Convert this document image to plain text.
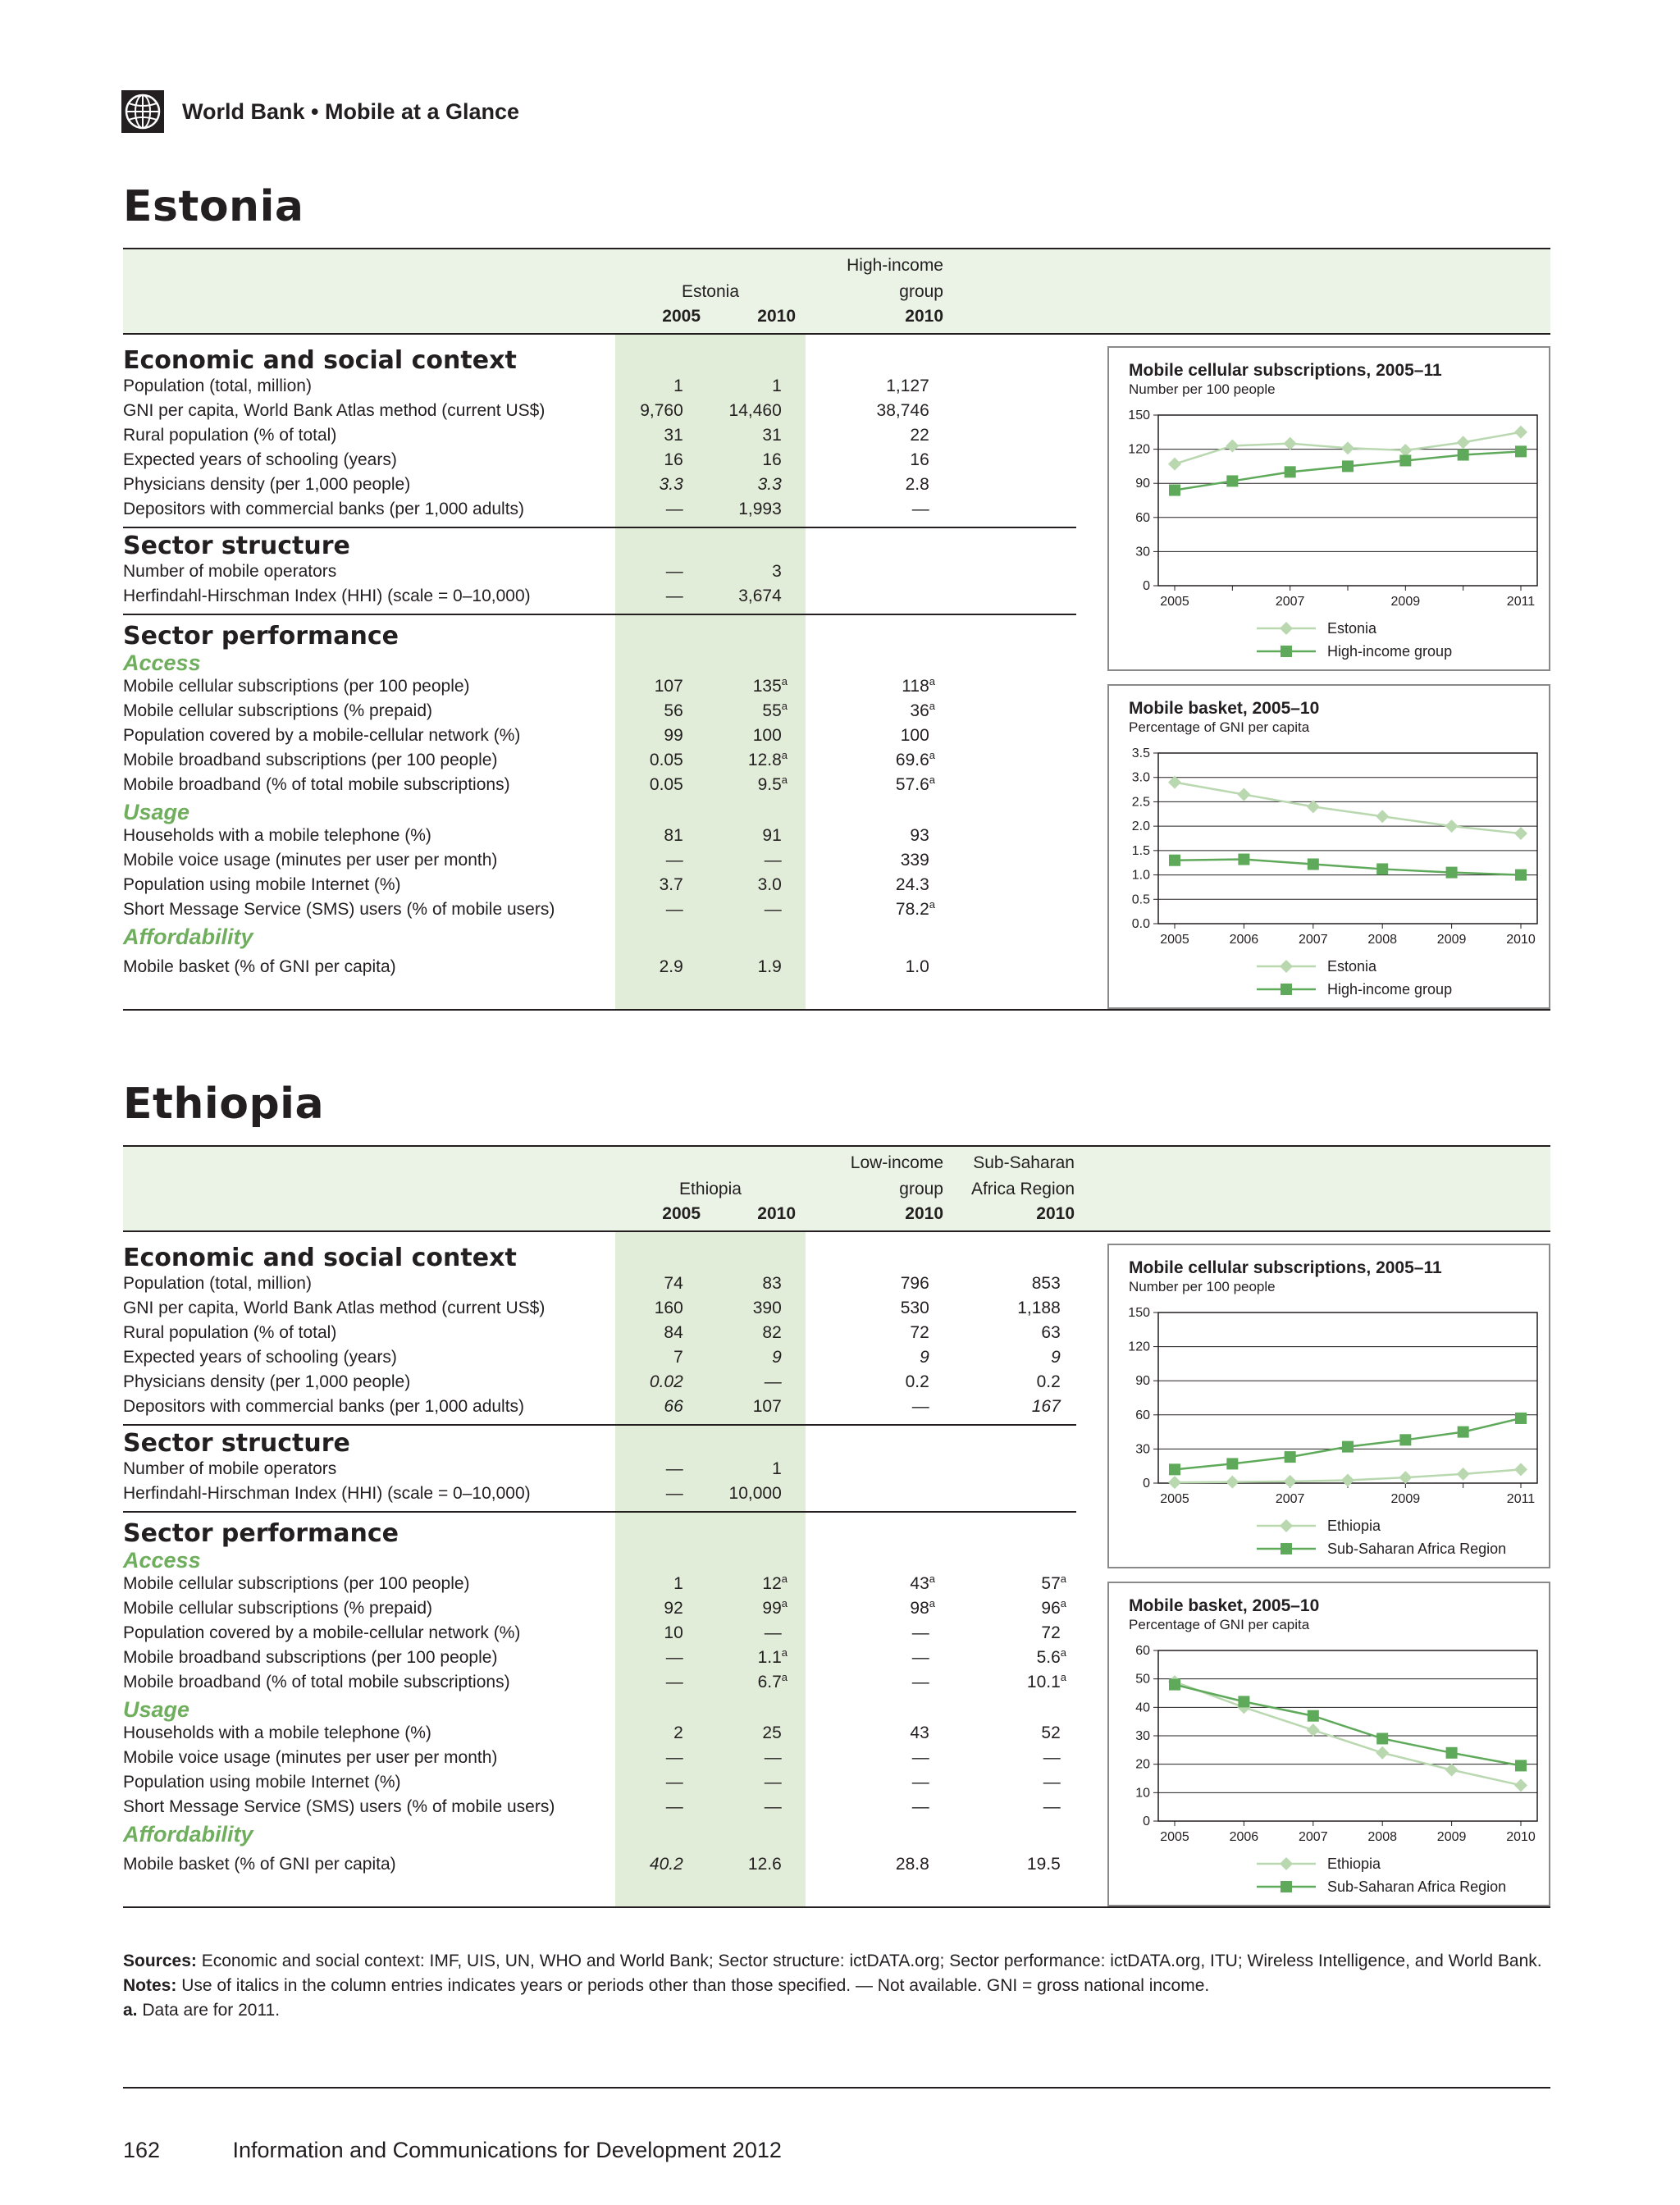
World Bank • Mobile at a Glance
Estonia
Estonia
2005	2010
High-income
group
2010
Economic and social context
Population (total, million)	1	1	1,127
GNI per capita, World Bank Atlas method (current US$)	9,760	14,460	38,746
Rural population (% of total)	31	31	22
Expected years of schooling (years)	16	16	16
Physicians density (per 1,000 people)	3.3	3.3	2.8
Depositors with commercial banks (per 1,000 adults)	—	1,993	—
Sector structure
Number of mobile operators	—	3
Herfindahl-Hirschman Index (HHI) (scale = 0–10,000)	—	3,674
Sector performance
Access
Mobile cellular subscriptions (per 100 people)	107	135$^a$	118$^a$
Mobile cellular subscriptions (% prepaid)	56	55$^a$	36$^a$
Population covered by a mobile-cellular network (%)	99	100	100
Mobile broadband subscriptions (per 100 people)	0.05	12.8$^a$	69.6$^a$
Mobile broadband (% of total mobile subscriptions)	0.05	9.5$^a$	57.6$^a$
Usage
Households with a mobile telephone (%)	81	91	93
Mobile voice usage (minutes per user per month)	—	—	339
Population using mobile Internet (%)	3.7	3.0	24.3
Short Message Service (SMS) users (% of mobile users)	—	—	78.2$^a$
Affordability
Mobile basket (% of GNI per capita)	2.9	1.9	1.0
Mobile cellular subscriptions, 2005–11
Number per 100 people
0
30
60
90
120
150
2005	2007	2009	2011
Estonia
High-income group
Mobile basket, 2005–10
Percentage of GNI per capita
0.0
0.5
1.0
1.5
2.0
2.5
3.0
3.5
2005	2006	2007	2008	2009	2010
Estonia
High-income group
Ethiopia
Ethiopia
2005	2010
Low-income
group
2010
Sub-Saharan
Africa Region
2010
Economic and social context
Population (total, million)	74	83	796	853
GNI per capita, World Bank Atlas method (current US$)	160	390	530	1,188
Rural population (% of total)	84	82	72	63
Expected years of schooling (years)	7	9	9	9
Physicians density (per 1,000 people)	0.02	—	0.2	0.2
Depositors with commercial banks (per 1,000 adults)	66	107	—	167
Sector structure
Number of mobile operators	—	1
Herfindahl-Hirschman Index (HHI) (scale = 0–10,000)	—	10,000
Sector performance
Access
Mobile cellular subscriptions (per 100 people)	1	12$^a$	43$^a$	57$^a$
Mobile cellular subscriptions (% prepaid)	92	99$^a$	98$^a$	96$^a$
Population covered by a mobile-cellular network (%)	10	—	—	72
Mobile broadband subscriptions (per 100 people)	—	1.1$^a$	—	5.6$^a$
Mobile broadband (% of total mobile subscriptions)	—	6.7$^a$	—	10.1$^a$
Usage
Households with a mobile telephone (%)	2	25	43	52
Mobile voice usage (minutes per user per month)	—	—	—	—
Population using mobile Internet (%)	—	—	—	—
Short Message Service (SMS) users (% of mobile users)	—	—	—	—
Affordability
Mobile basket (% of GNI per capita)	40.2	12.6	28.8	19.5
Mobile cellular subscriptions, 2005–11
Number per 100 people
0
30
60
90
120
150
2005	2007	2009	2011
Ethiopia
Sub-Saharan Africa Region
Mobile basket, 2005–10
Percentage of GNI per capita
0
10
20
30
40
50
60
2005	2006	2007	2008	2009	2010
Ethiopia
Sub-Saharan Africa Region
Sources: Economic and social context: IMF, UIS, UN, WHO and World Bank; Sector structure: ictDATA.org; Sector performance: ictDATA.org, ITU; Wireless Intelligence, and World Bank.
Notes: Use of italics in the column entries indicates years or periods other than those specified. — Not available. GNI = gross national income.
a. Data are for 2011.
162	Information and Communications for Development 2012
